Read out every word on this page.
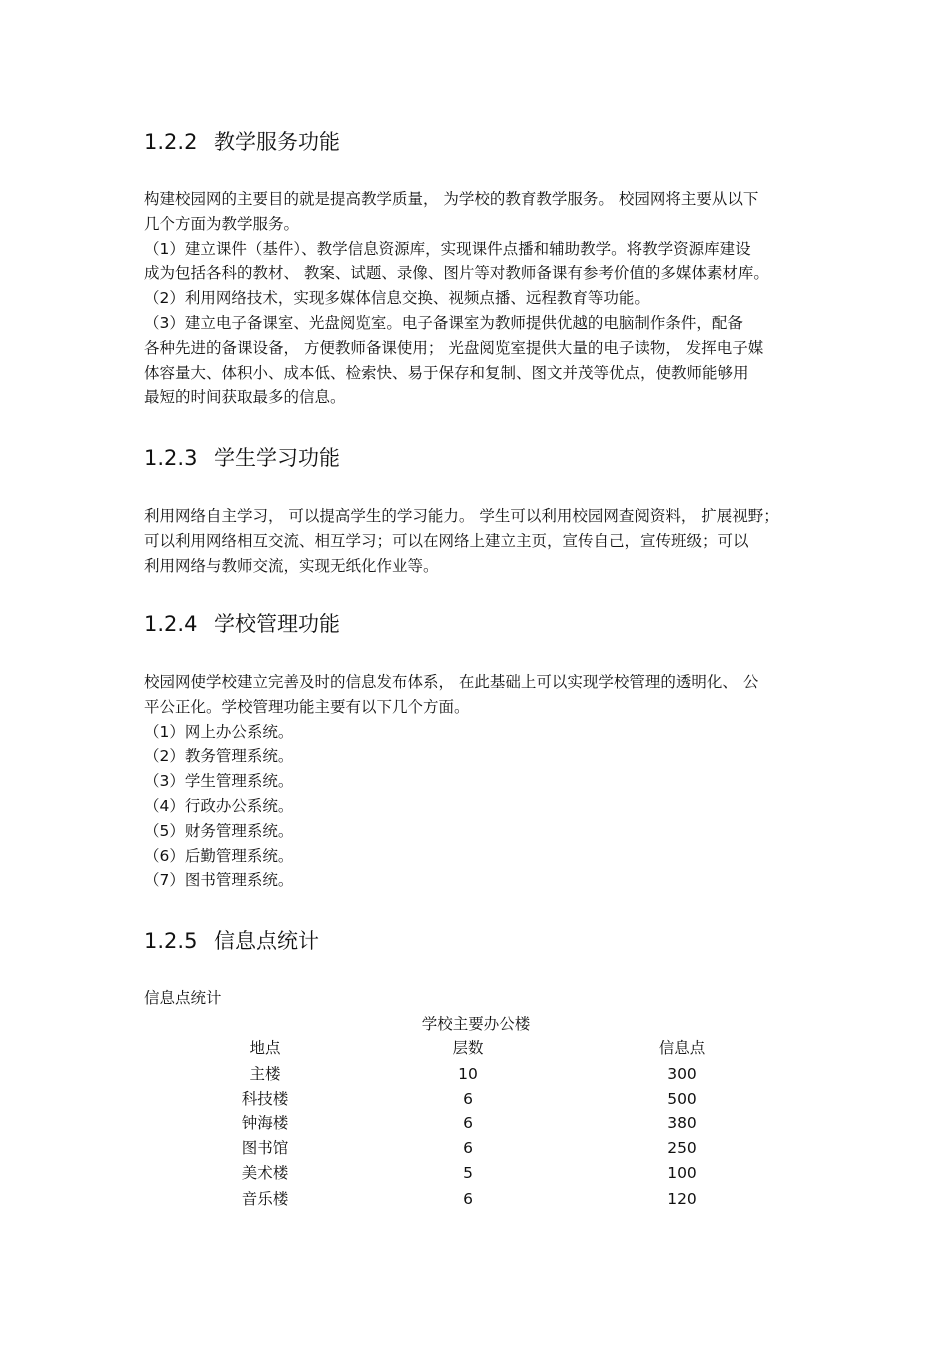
1.2.2 教学服务功能
构建校园网的主要目的就是提高教学质量， 为学校的教育教学服务。 校园网将主要从以下
几个方面为教学服务。
（1）建立课件（基件）、教学信息资源库，实现课件点播和辅助教学。将教学资源库建设
成为包括各科的教材、 教案、试题、录像、图片等对教师备课有参考价值的多媒体素材库。
（2）利用网络技术，实现多媒体信息交换、视频点播、远程教育等功能。
（3）建立电子备课室、光盘阅览室。电子备课室为教师提供优越的电脑制作条件，配备
各种先进的备课设备， 方便教师备课使用； 光盘阅览室提供大量的电子读物， 发挥电子媒
体容量大、体积小、成本低、检索快、易于保存和复制、图文并茂等优点，使教师能够用
最短的时间获取最多的信息。
1.2.3 学生学习功能
利用网络自主学习， 可以提高学生的学习能力。 学生可以利用校园网查阅资料， 扩展视野；
可以利用网络相互交流、相互学习；可以在网络上建立主页，宣传自己，宣传班级；可以
利用网络与教师交流，实现无纸化作业等。
1.2.4 学校管理功能
校园网使学校建立完善及时的信息发布体系， 在此基础上可以实现学校管理的透明化、 公
平公正化。学校管理功能主要有以下几个方面。
（1）网上办公系统。
（2）教务管理系统。
（3）学生管理系统。
（4）行政办公系统。
（5）财务管理系统。
（6）后勤管理系统。
（7）图书管理系统。
1.2.5 信息点统计
信息点统计
学校主要办公楼
地点	层数	信息点
主楼	10	300
科技楼	6	500
钟海楼	6	380
图书馆	6	250
美术楼	5	100
音乐楼	6	120
